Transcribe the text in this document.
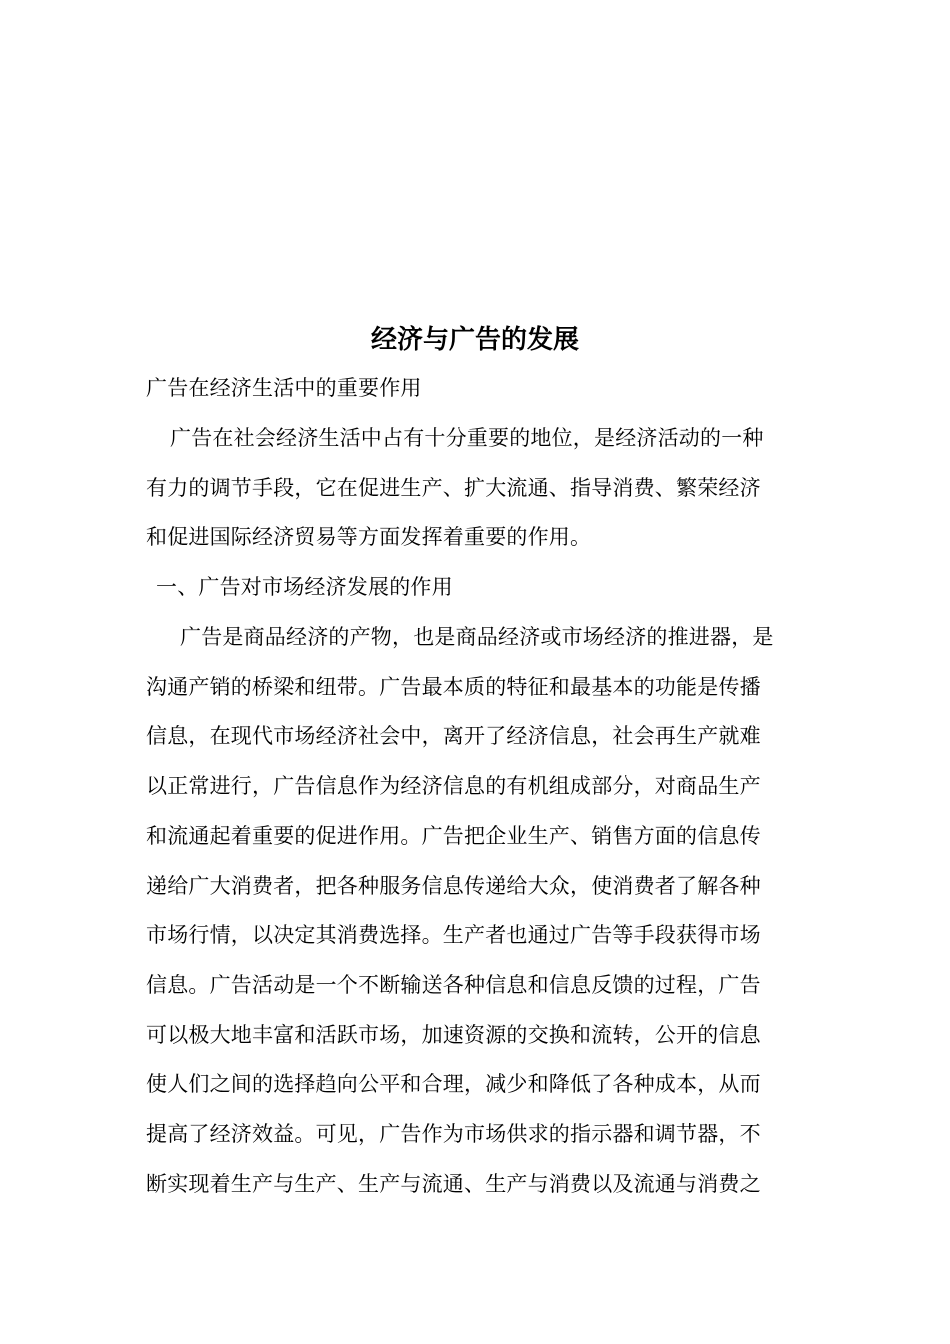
经济与广告的发展
广告在经济生活中的重要作用
广告在社会经济生活中占有十分重要的地位，是经济活动的一种
有力的调节手段，它在促进生产、扩大流通、指导消费、繁荣经济
和促进国际经济贸易等方面发挥着重要的作用。
一、广告对市场经济发展的作用
广告是商品经济的产物，也是商品经济或市场经济的推进器，是
沟通产销的桥梁和纽带。广告最本质的特征和最基本的功能是传播
信息，在现代市场经济社会中，离开了经济信息，社会再生产就难
以正常进行，广告信息作为经济信息的有机组成部分，对商品生产
和流通起着重要的促进作用。广告把企业生产、销售方面的信息传
递给广大消费者，把各种服务信息传递给大众，使消费者了解各种
市场行情，以决定其消费选择。生产者也通过广告等手段获得市场
信息。广告活动是一个不断输送各种信息和信息反馈的过程，广告
可以极大地丰富和活跃市场，加速资源的交换和流转，公开的信息
使人们之间的选择趋向公平和合理，减少和降低了各种成本，从而
提高了经济效益。可见，广告作为市场供求的指示器和调节器，不
断实现着生产与生产、生产与流通、生产与消费以及流通与消费之
